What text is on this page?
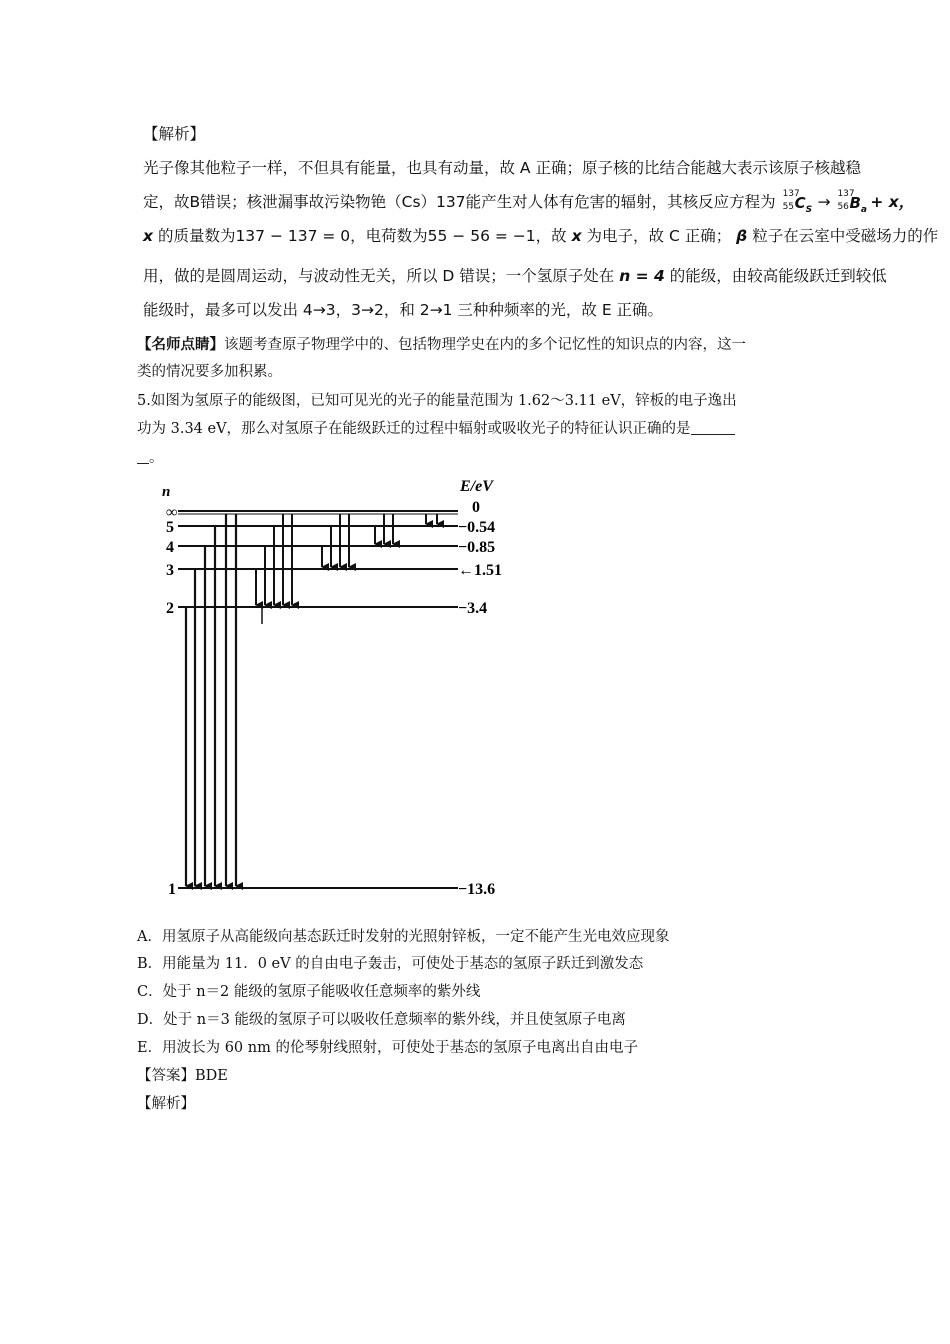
【解析】
光子像其他粒子一样，不但具有能量，也具有动量，故 A 正确；原子核的比结合能越大表示该原子核越稳
定，故B错误；核泄漏事故污染物铯（Cs）137能产生对人体有危害的辐射，其核反应方程为 137
55 $C_S \to 137$
56 $B_a + x$，
x 的质量数为137 − 137 = 0，电荷数为55 − 56 = −1，故 x 为电子，故 C 正确； β 粒子在云室中受磁场力的作
用，做的是圆周运动，与波动性无关，所以 D 错误；一个氢原子处在 n = 4 的能级，由较高能级跃迁到较低
能级时，最多可以发出 4→3，3→2，和 2→1 三种种频率的光，故 E 正确。
【名师点睛】该题考查原子物理学中的、包括物理学史在内的多个记忆性的知识点的内容，这一
类的情况要多加积累。
5.如图为氢原子的能级图，已知可见光的光子的能量范围为 1.62～3.11 eV，锌板的电子逸出
功为 3.34 eV，那么对氢原子在能级跃迁的过程中辐射或吸收光子的特征认识正确的是
。
n	E/eV
∞
5
4
3
2
1
0
−0.54
−0.85
←1.51
−3.4
−13.6
A．用氢原子从高能级向基态跃迁时发射的光照射锌板，一定不能产生光电效应现象
B．用能量为 11．0 eV 的自由电子轰击，可使处于基态的氢原子跃迁到激发态
C．处于 n＝2 能级的氢原子能吸收任意频率的紫外线
D．处于 n＝3 能级的氢原子可以吸收任意频率的紫外线，并且使氢原子电离
E．用波长为 60 nm 的伦琴射线照射，可使处于基态的氢原子电离出自由电子
【答案】BDE
【解析】
